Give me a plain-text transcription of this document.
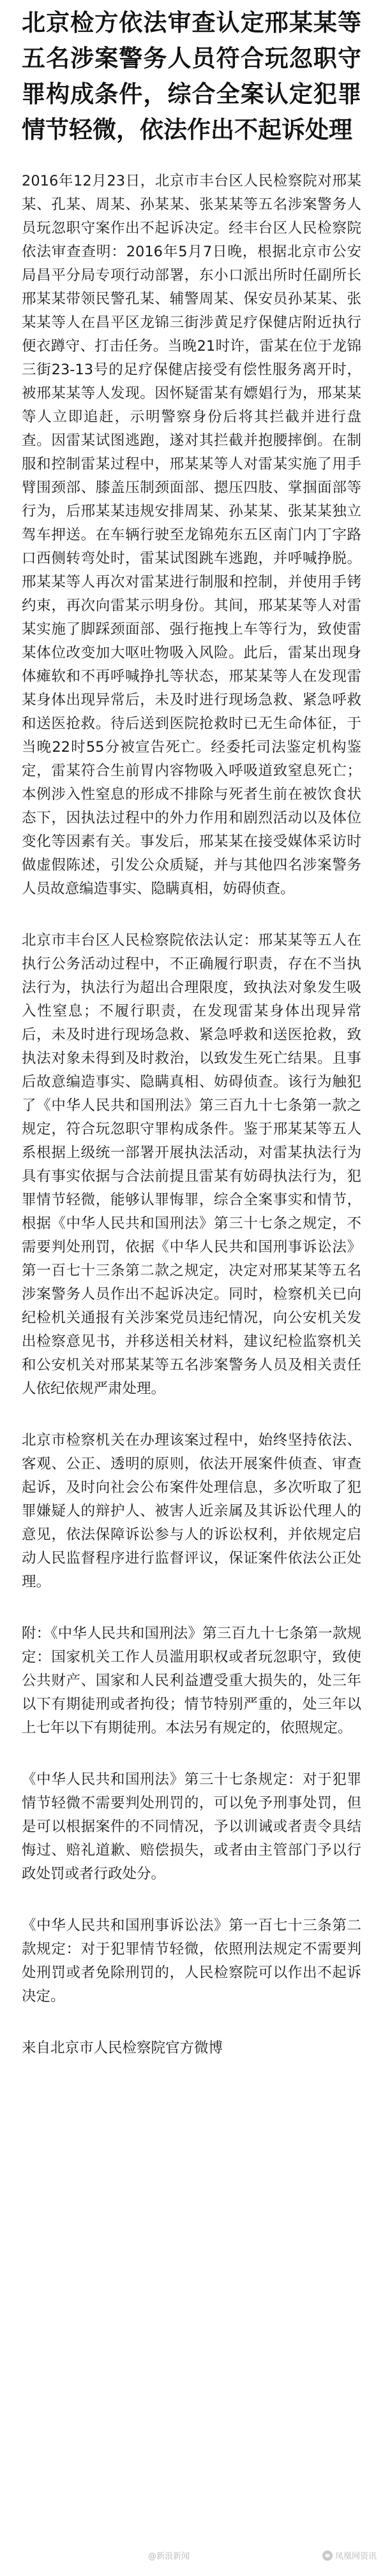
北京检方依法审查认定邢某某等五名涉案警务人员符合玩忽职守罪构成条件，综合全案认定犯罪情节轻微，依法作出不起诉处理

2016年12月23日，北京市丰台区人民检察院对邢某某、孔某、周某、孙某某、张某某等五名涉案警务人员玩忽职守案作出不起诉决定。经丰台区人民检察院依法审查查明：2016年5月7日晚，根据北京市公安局昌平分局专项行动部署，东小口派出所时任副所长邢某某带领民警孔某、辅警周某、保安员孙某某、张某某等人在昌平区龙锦三街涉黄足疗保健店附近执行便衣蹲守、打击任务。当晚21时许，雷某在位于龙锦三街23-13号的足疗保健店接受有偿性服务离开时，被邢某某等人发现。因怀疑雷某有嫖娼行为，邢某某等人立即追赶，示明警察身份后将其拦截并进行盘查。因雷某试图逃跑，遂对其拦截并抱腰摔倒。在制服和控制雷某过程中，邢某某等人对雷某实施了用手臂围颈部、膝盖压制颈面部、摁压四肢、掌掴面部等行为，后邢某某违规安排周某、孙某某、张某某独立驾车押送。在车辆行驶至龙锦苑东五区南门内丁字路口西侧转弯处时，雷某试图跳车逃跑，并呼喊挣脱。邢某某等人再次对雷某进行制服和控制，并使用手铐约束，再次向雷某示明身份。其间，邢某某等人对雷某实施了脚踩颈面部、强行拖拽上车等行为，致使雷某体位改变加大呕吐物吸入风险。此后，雷某出现身体瘫软和不再呼喊挣扎等状态，邢某某等人在发现雷某身体出现异常后，未及时进行现场急救、紧急呼救和送医抢救。待后送到医院抢救时已无生命体征，于当晚22时55分被宣告死亡。经委托司法鉴定机构鉴定，雷某符合生前胃内容物吸入呼吸道致窒息死亡；本例涉入性窒息的形成不排除与死者生前在被饮食状态下，因执法过程中的外力作用和剧烈活动以及体位变化等因素有关。事发后，邢某某在接受媒体采访时做虚假陈述，引发公众质疑，并与其他四名涉案警务人员故意编造事实、隐瞒真相，妨碍侦查。

北京市丰台区人民检察院依法认定：邢某某等五人在执行公务活动过程中，不正确履行职责，存在不当执法行为，执法行为超出合理限度，致执法对象发生吸入性窒息；不履行职责，在发现雷某身体出现异常后，未及时进行现场急救、紧急呼救和送医抢救，致执法对象未得到及时救治，以致发生死亡结果。且事后故意编造事实、隐瞒真相、妨碍侦查。该行为触犯了《中华人民共和国刑法》第三百九十七条第一款之规定，符合玩忽职守罪构成条件。鉴于邢某某等五人系根据上级统一部署开展执法活动，对雷某执法行为具有事实依据与合法前提且雷某有妨碍执法行为，犯罪情节轻微，能够认罪悔罪，综合全案事实和情节，根据《中华人民共和国刑法》第三十七条之规定，不需要判处刑罚，依据《中华人民共和国刑事诉讼法》第一百七十三条第二款之规定，决定对邢某某等五名涉案警务人员作出不起诉决定。同时，检察机关已向纪检机关通报有关涉案党员违纪情况，向公安机关发出检察意见书，并移送相关材料，建议纪检监察机关和公安机关对邢某某等五名涉案警务人员及相关责任人依纪依规严肃处理。

北京市检察机关在办理该案过程中，始终坚持依法、客观、公正、透明的原则，依法开展案件侦查、审查起诉，及时向社会公布案件处理信息，多次听取了犯罪嫌疑人的辩护人、被害人近亲属及其诉讼代理人的意见，依法保障诉讼参与人的诉讼权利，并依规定启动人民监督程序进行监督评议，保证案件依法公正处理。

附：《中华人民共和国刑法》第三百九十七条第一款规定：国家机关工作人员滥用职权或者玩忽职守，致使公共财产、国家和人民利益遭受重大损失的，处三年以下有期徒刑或者拘役；情节特别严重的，处三年以上七年以下有期徒刑。本法另有规定的，依照规定。

《中华人民共和国刑法》第三十七条规定：对于犯罪情节轻微不需要判处刑罚的，可以免予刑事处罚，但是可以根据案件的不同情况，予以训诫或者责令具结悔过、赔礼道歉、赔偿损失，或者由主管部门予以行政处罚或者行政处分。

《中华人民共和国刑事诉讼法》第一百七十三条第二款规定：对于犯罪情节轻微，依照刑法规定不需要判处刑罚或者免除刑罚的，人民检察院可以作出不起诉决定。

来自北京市人民检察院官方微博

@新浪新闻	凤凰网资讯
